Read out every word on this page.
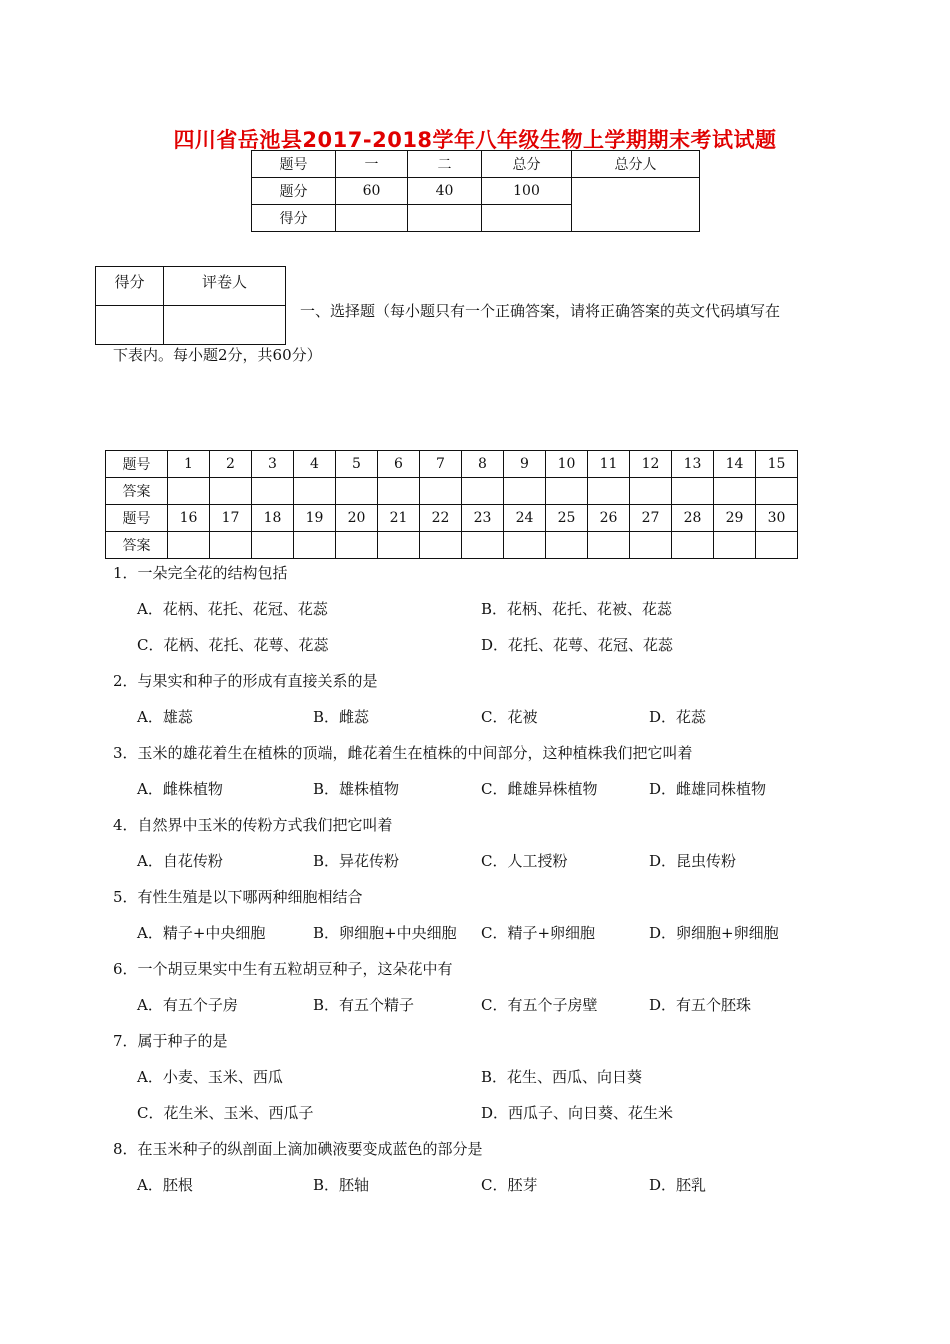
四川省岳池县2017-2018学年八年级生物上学期期末考试试题
题号	一	二	总分	总分人
题分	60	40	100	
得分				
得分	评卷人

一、选择题（每小题只有一个正确答案，请将正确答案的英文代码填写在
下表内。每小题2分，共60分）
题号	1	2	3	4	5	6	7	8	9	10	11	12	13	14	15
答案															
题号	16	17	18	19	20	21	22	23	24	25	26	27	28	29	30
答案															
1．一朵完全花的结构包括
A．花柄、花托、花冠、花蕊	B．花柄、花托、花被、花蕊
C．花柄、花托、花萼、花蕊	D．花托、花萼、花冠、花蕊
2．与果实和种子的形成有直接关系的是
A．雄蕊	B．雌蕊	C．花被	D．花蕊
3．玉米的雄花着生在植株的顶端，雌花着生在植株的中间部分，这种植株我们把它叫着
A．雌株植物	B．雄株植物	C．雌雄异株植物	D．雌雄同株植物
4．自然界中玉米的传粉方式我们把它叫着
A．自花传粉	B．异花传粉	C．人工授粉	D．昆虫传粉
5．有性生殖是以下哪两种细胞相结合
A．精子+中央细胞	B．卵细胞+中央细胞 C．精子+卵细胞	D．卵细胞+卵细胞
6．一个胡豆果实中生有五粒胡豆种子，这朵花中有
A．有五个子房	B．有五个精子	C．有五个子房壁	D．有五个胚珠
7．属于种子的是
A．小麦、玉米、西瓜	B．花生、西瓜、向日葵
C．花生米、玉米、西瓜子	D．西瓜子、向日葵、花生米
8．在玉米种子的纵剖面上滴加碘液要变成蓝色的部分是
A．胚根	B．胚轴	C．胚芽	D．胚乳
